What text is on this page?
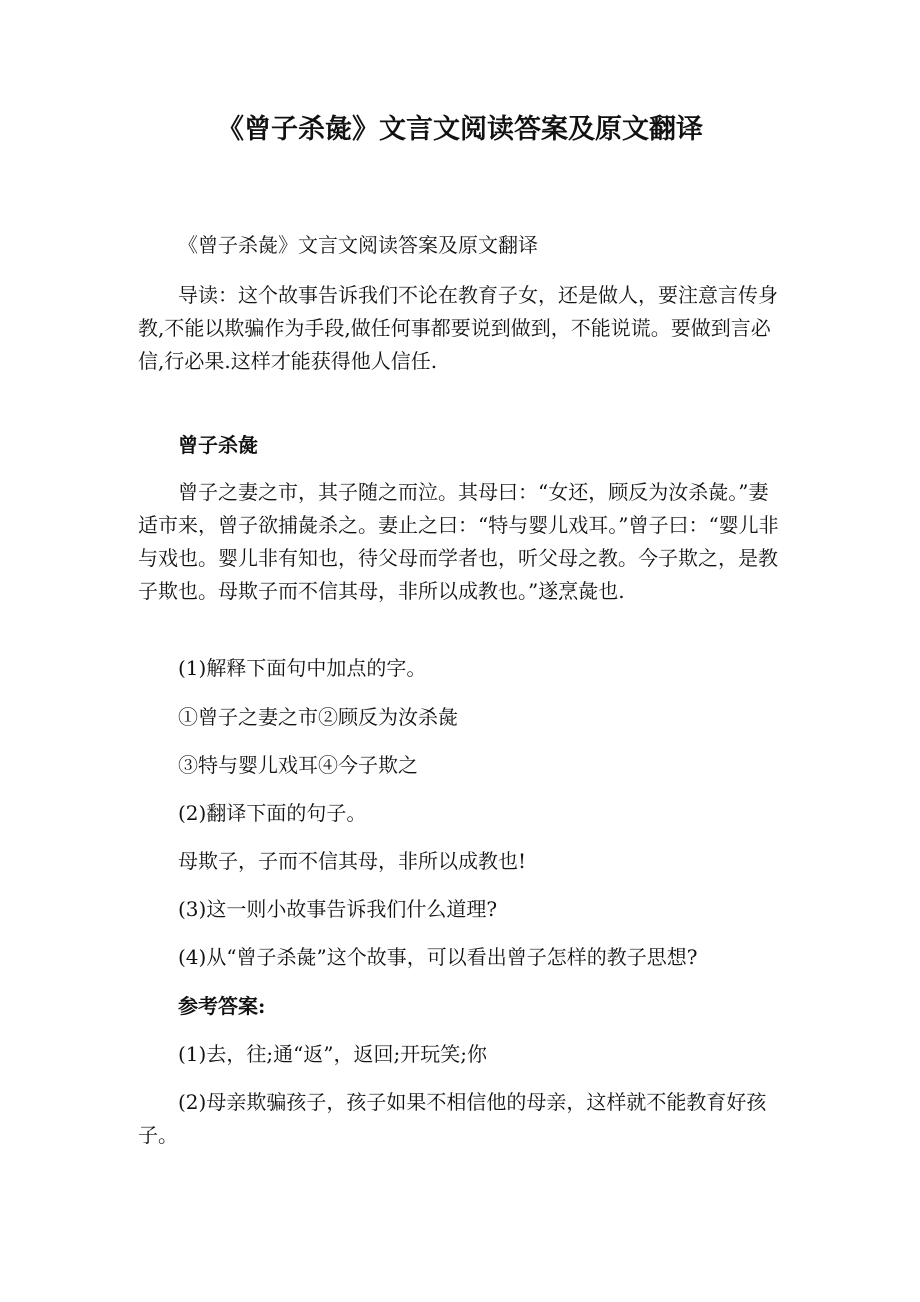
《曾子杀彘》文言文阅读答案及原文翻译

《曾子杀彘》文言文阅读答案及原文翻译

导读：这个故事告诉我们不论在教育子女，还是做人，要注意言传身教,不能以欺骗作为手段,做任何事都要说到做到，不能说谎。要做到言必信,行必果.这样才能获得他人信任.

曾子杀彘

曾子之妻之市，其子随之而泣。其母曰：“女还，顾反为汝杀彘。”妻适市来，曾子欲捕彘杀之。妻止之曰：“特与婴儿戏耳。”曾子曰：“婴儿非与戏也。婴儿非有知也，待父母而学者也，听父母之教。今子欺之，是教子欺也。母欺子而不信其母，非所以成教也。”遂烹彘也.

(1)解释下面句中加点的字。

①曾子之妻之市②顾反为汝杀彘

③特与婴儿戏耳④今子欺之

(2)翻译下面的句子。

母欺子，子而不信其母，非所以成教也!

(3)这一则小故事告诉我们什么道理?

(4)从“曾子杀彘”这个故事，可以看出曾子怎样的教子思想?

参考答案:

(1)去，往;通“返”，返回;开玩笑;你

(2)母亲欺骗孩子，孩子如果不相信他的母亲，这样就不能教育好孩子。
